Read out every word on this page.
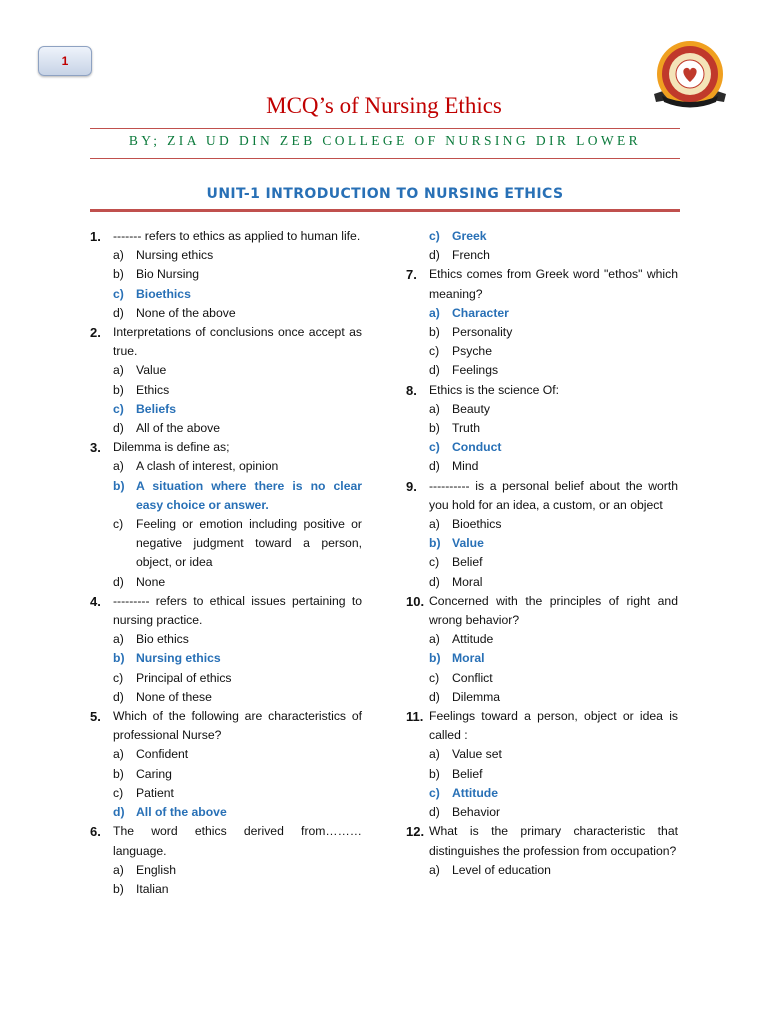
1
MCQ’s of Nursing Ethics
BY; ZIA UD DIN ZEB COLLEGE OF NURSING DIR LOWER
UNIT-1 INTRODUCTION TO NURSING ETHICS
1. ------- refers to ethics as applied to human life.
a) Nursing ethics
b) Bio Nursing
c) Bioethics
d) None of the above
2. Interpretations of conclusions once accept as true.
a) Value
b) Ethics
c) Beliefs
d) All of the above
3. Dilemma is define as;
a) A clash of interest, opinion
b) A situation where there is no clear easy choice or answer.
c)	Feeling or emotion including positive or negative judgment toward a person, object, or idea
d) None
4. --------- refers to ethical issues pertaining to nursing practice.
a) Bio ethics
b) Nursing ethics
c)	Principal of ethics
d) None of these
5. Which of the following are characteristics of professional Nurse?
a) Confident
b) Caring
c)	Patient
d) All of the above
6. The word ethics derived from……… language.
a) English
b) Italian
c) Greek
d) French
7. Ethics comes from Greek word "ethos" which meaning?
a) Character
b) Personality
c)	Psyche
d) Feelings
8. Ethics is the science Of:
a) Beauty
b) Truth
c) Conduct
d) Mind
9. ---------- is a personal belief about the worth you hold for an idea, a custom, or an object
a) Bioethics
b) Value
c)	Belief
d) Moral
10. Concerned with the principles of right and wrong behavior?
a) Attitude
b) Moral
c)	Conflict
d) Dilemma
11. Feelings toward a person, object or idea is called :
a) Value set
b) Belief
c) Attitude
d) Behavior
12. What is the primary characteristic that distinguishes the profession from occupation?
a) Level of education
